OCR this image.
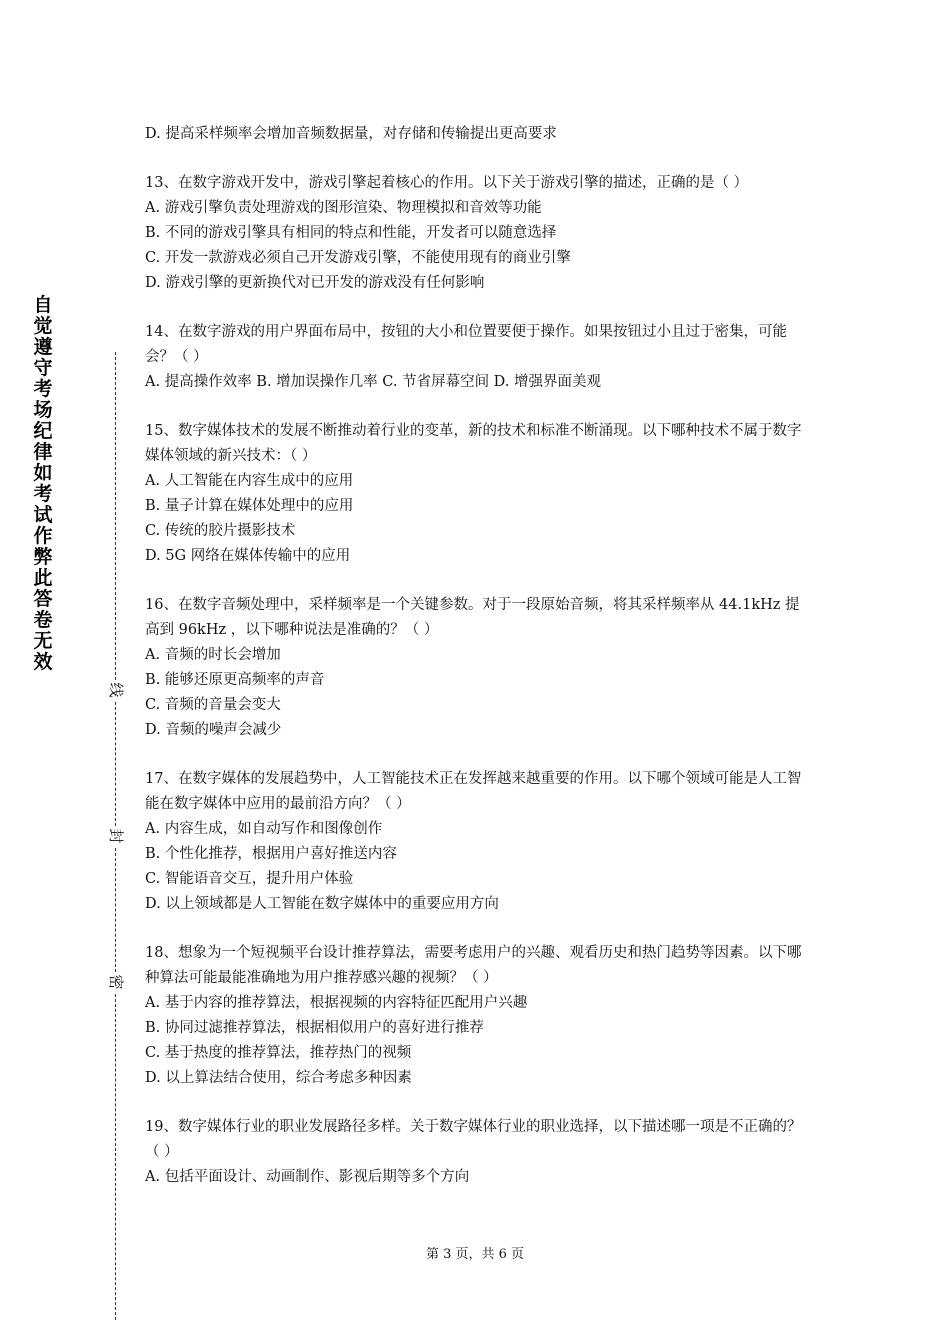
自觉遵守考场纪律如考试作弊此答卷无效
线
封
密
D. 提高采样频率会增加音频数据量，对存储和传输提出更高要求
13、在数字游戏开发中，游戏引擎起着核心的作用。以下关于游戏引擎的描述，正确的是（ ）
A. 游戏引擎负责处理游戏的图形渲染、物理模拟和音效等功能
B. 不同的游戏引擎具有相同的特点和性能，开发者可以随意选择
C. 开发一款游戏必须自己开发游戏引擎，不能使用现有的商业引擎
D. 游戏引擎的更新换代对已开发的游戏没有任何影响
14、在数字游戏的用户界面布局中，按钮的大小和位置要便于操作。如果按钮过小且过于密集，可能会？（ ）
A. 提高操作效率 B. 增加误操作几率 C. 节省屏幕空间 D. 增强界面美观
15、数字媒体技术的发展不断推动着行业的变革，新的技术和标准不断涌现。以下哪种技术不属于数字媒体领域的新兴技术：（ ）
A. 人工智能在内容生成中的应用
B. 量子计算在媒体处理中的应用
C. 传统的胶片摄影技术
D. 5G 网络在媒体传输中的应用
16、在数字音频处理中，采样频率是一个关键参数。对于一段原始音频，将其采样频率从 44.1kHz 提高到 96kHz ，以下哪种说法是准确的？（ ）
A. 音频的时长会增加
B. 能够还原更高频率的声音
C. 音频的音量会变大
D. 音频的噪声会减少
17、在数字媒体的发展趋势中，人工智能技术正在发挥越来越重要的作用。以下哪个领域可能是人工智能在数字媒体中应用的最前沿方向？（ ）
A. 内容生成，如自动写作和图像创作
B. 个性化推荐，根据用户喜好推送内容
C. 智能语音交互，提升用户体验
D. 以上领域都是人工智能在数字媒体中的重要应用方向
18、想象为一个短视频平台设计推荐算法，需要考虑用户的兴趣、观看历史和热门趋势等因素。以下哪种算法可能最能准确地为用户推荐感兴趣的视频？（ ）
A. 基于内容的推荐算法，根据视频的内容特征匹配用户兴趣
B. 协同过滤推荐算法，根据相似用户的喜好进行推荐
C. 基于热度的推荐算法，推荐热门的视频
D. 以上算法结合使用，综合考虑多种因素
19、数字媒体行业的职业发展路径多样。关于数字媒体行业的职业选择，以下描述哪一项是不正确的？（ ）
A. 包括平面设计、动画制作、影视后期等多个方向
第 3 页，共 6 页
